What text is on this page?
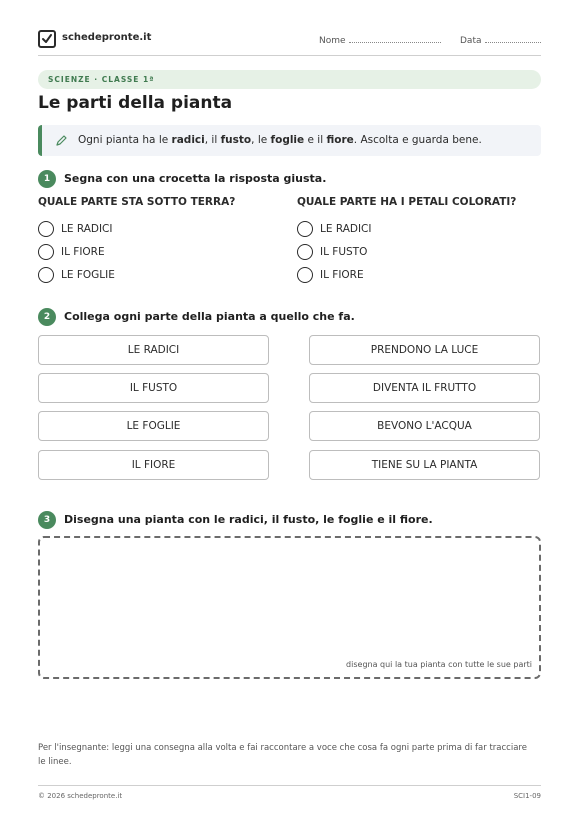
schedepronte.it	Nome	Data
SCIENZE · CLASSE 1ª
Le parti della pianta
Ogni pianta ha le radici, il fusto, le foglie e il fiore. Ascolta e guarda bene.
1	Segna con una crocetta la risposta giusta.
QUALE PARTE STA SOTTO TERRA?
LE RADICI
IL FIORE
LE FOGLIE
QUALE PARTE HA I PETALI COLORATI?
LE RADICI
IL FUSTO
IL FIORE
2	Collega ogni parte della pianta a quello che fa.
LE RADICI
IL FUSTO
LE FOGLIE
IL FIORE
PRENDONO LA LUCE
DIVENTA IL FRUTTO
BEVONO L'ACQUA
TIENE SU LA PIANTA
3	Disegna una pianta con le radici, il fusto, le foglie e il fiore.
disegna qui la tua pianta con tutte le sue parti
Per l'insegnante: leggi una consegna alla volta e fai raccontare a voce che cosa fa ogni parte prima di far tracciare le linee.
© 2026 schedepronte.it	SCI1-09
